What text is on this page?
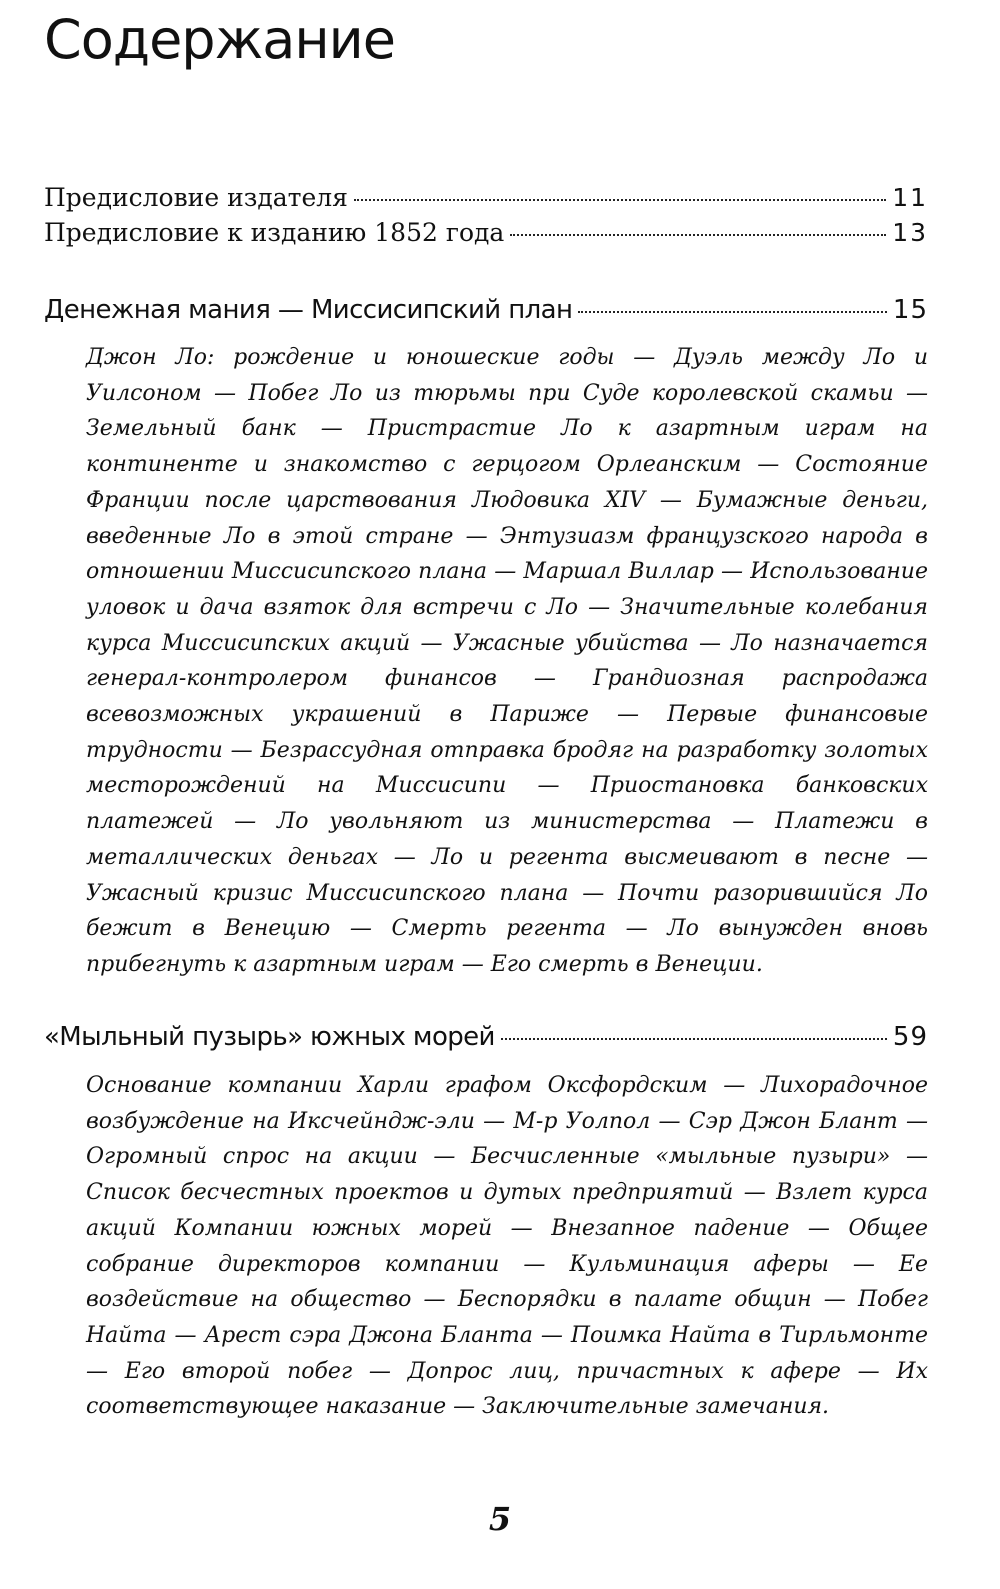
Содержание
Предисловие издателя	11
Предисловие к изданию 1852 года	13
Денежная мания — Миссисипский план	15

Джон Ло: рождение и юношеские годы — Дуэль между Ло и Уилсоном — Побег Ло из тюрьмы при Суде королевской скамьи — Земельный банк — Пристрастие Ло к азартным играм на континенте и знакомство с герцогом Орлеанским — Состояние Франции после царствования Людовика XIV — Бумажные деньги, введенные Ло в этой стране — Энтузиазм французского народа в отношении Миссисипского плана — Маршал Виллар — Использование уловок и дача взяток для встречи с Ло — Значительные колебания курса Миссисипских акций — Ужасные убийства — Ло назначается генерал-контролером финансов — Грандиозная распродажа всевозможных украшений в Париже — Первые финансовые трудности — Безрассудная отправка бродяг на разработку золотых месторождений на Миссисипи — Приостановка банковских платежей — Ло увольняют из министерства — Платежи в металлических деньгах — Ло и регента высмеивают в песне — Ужасный кризис Миссисипского плана — Почти разорившийся Ло бежит в Венецию — Смерть регента — Ло вынужден вновь прибегнуть к азартным играм — Его смерть в Венеции.

«Мыльный пузырь» южных морей	59

Основание компании Харли графом Оксфордским — Лихорадочное возбуждение на Иксчейндж-эли — М-р Уолпол — Сэр Джон Блант — Огромный спрос на акции — Бесчисленные «мыльные пузыри» — Список бесчестных проектов и дутых предприятий — Взлет курса акций Компании южных морей — Внезапное падение — Общее собрание директоров компании — Кульминация аферы — Ее воздействие на общество — Беспорядки в палате общин — Побег Найта — Арест сэра Джона Бланта — Поимка Найта в Тирльмонте — Его второй побег — Допрос лиц, причастных к афере — Их соответствующее наказание — Заключительные замечания.

5
